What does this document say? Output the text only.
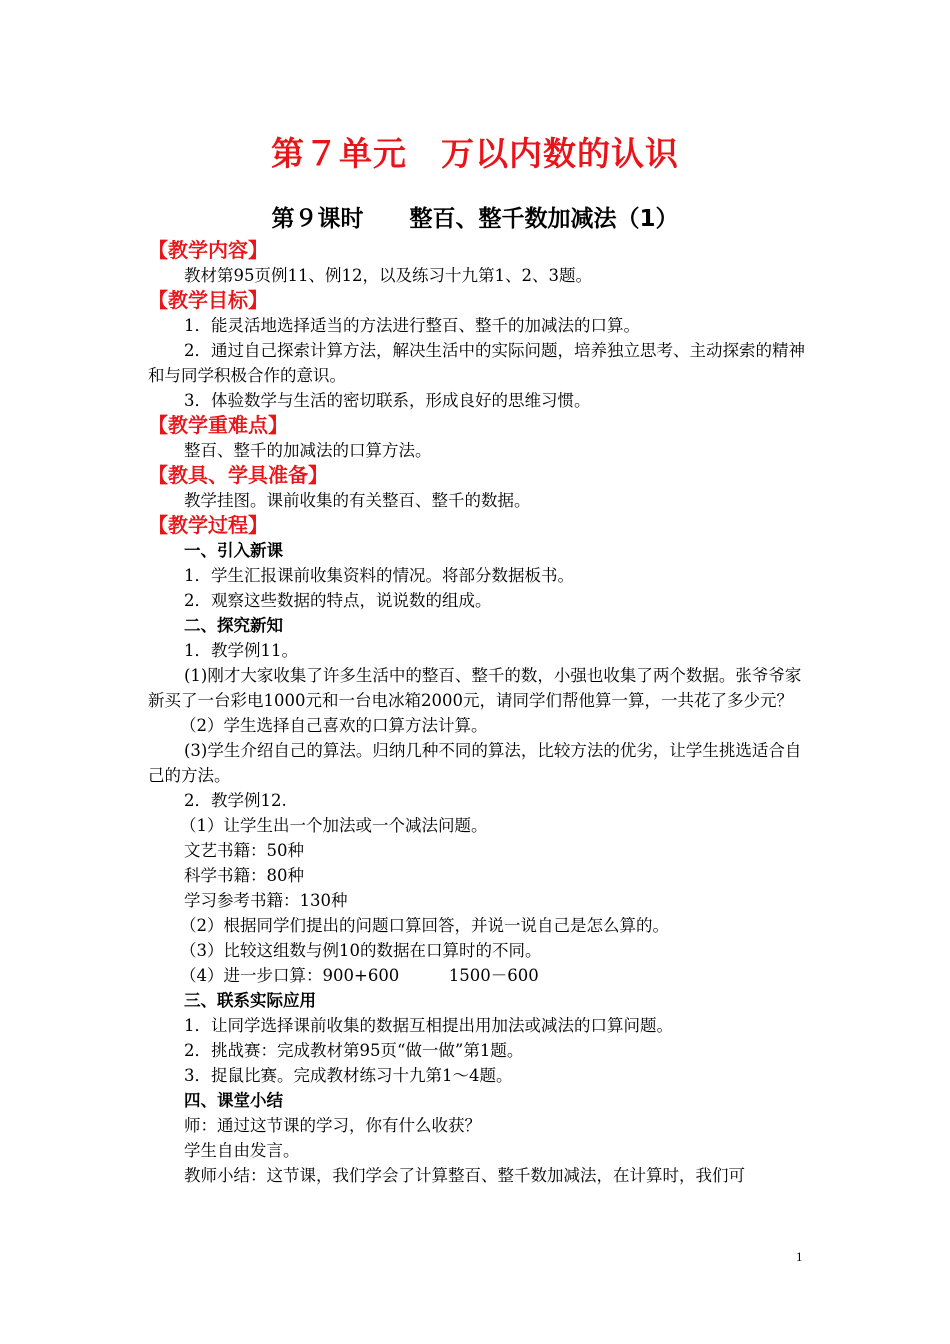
第７单元　万以内数的认识
第９课时　　整百、整千数加减法（1）
【教学内容】
教材第95页例11、例12，以及练习十九第1、2、3题。
【教学目标】
1．能灵活地选择适当的方法进行整百、整千的加减法的口算。
2．通过自己探索计算方法，解决生活中的实际问题，培养独立思考、主动探索的精神和与同学积极合作的意识。
3．体验数学与生活的密切联系，形成良好的思维习惯。
【教学重难点】
整百、整千的加减法的口算方法。
【教具、学具准备】
教学挂图。课前收集的有关整百、整千的数据。
【教学过程】
一、引入新课
1．学生汇报课前收集资料的情况。将部分数据板书。
2．观察这些数据的特点，说说数的组成。
二、探究新知
1．教学例11。
(1)刚才大家收集了许多生活中的整百、整千的数，小强也收集了两个数据。张爷爷家新买了一台彩电1000元和一台电冰箱2000元，请同学们帮他算一算，一共花了多少元？
（2）学生选择自己喜欢的口算方法计算。
(3)学生介绍自己的算法。归纳几种不同的算法，比较方法的优劣，让学生挑选适合自己的方法。
2．教学例12.
（1）让学生出一个加法或一个减法问题。
文艺书籍：50种
科学书籍：80种
学习参考书籍：130种
（2）根据同学们提出的问题口算回答，并说一说自己是怎么算的。
（3）比较这组数与例10的数据在口算时的不同。
（4）进一步口算：900+600　　　1500－600
三、联系实际应用
1．让同学选择课前收集的数据互相提出用加法或减法的口算问题。
2．挑战赛：完成教材第95页“做一做”第1题。
3．捉鼠比赛。完成教材练习十九第1～4题。
四、课堂小结
师：通过这节课的学习，你有什么收获？
学生自由发言。
教师小结：这节课，我们学会了计算整百、整千数加减法，在计算时，我们可
1
